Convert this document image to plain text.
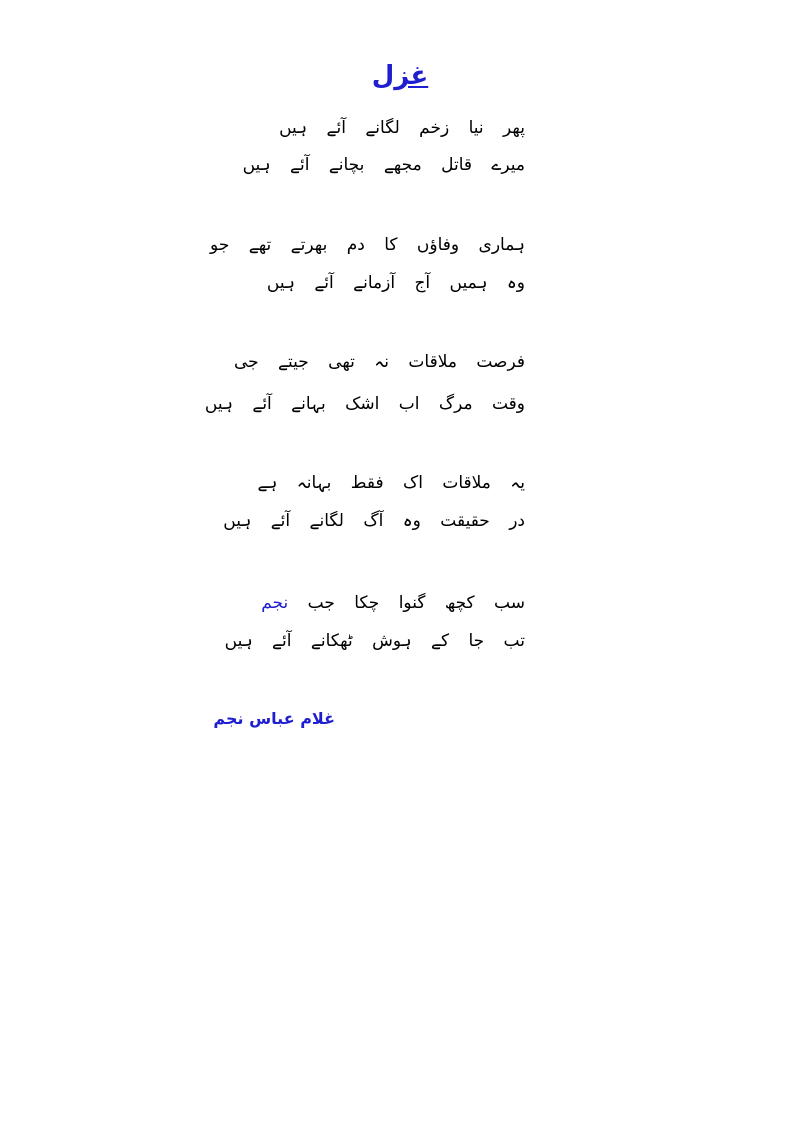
غزل
پھر نیا زخم لگانے آئے ہیں
میرے قاتل مجھے بچانے آئے ہیں
ہماری وفاؤں کا دم بھرتے تھے جو
وہ ہمیں آج آزمانے آئے ہیں
فرصت ملاقات نہ تھی جیتے جی
وقت مرگ اب اشک بہانے آئے ہیں
یہ ملاقات اک فقط بہانہ ہے
در حقیقت وہ آگ لگانے آئے ہیں
سب کچھ گنوا چکا جب نجم
تب جا کے ہوش ٹھکانے آئے ہیں
غلام عباس نجم
